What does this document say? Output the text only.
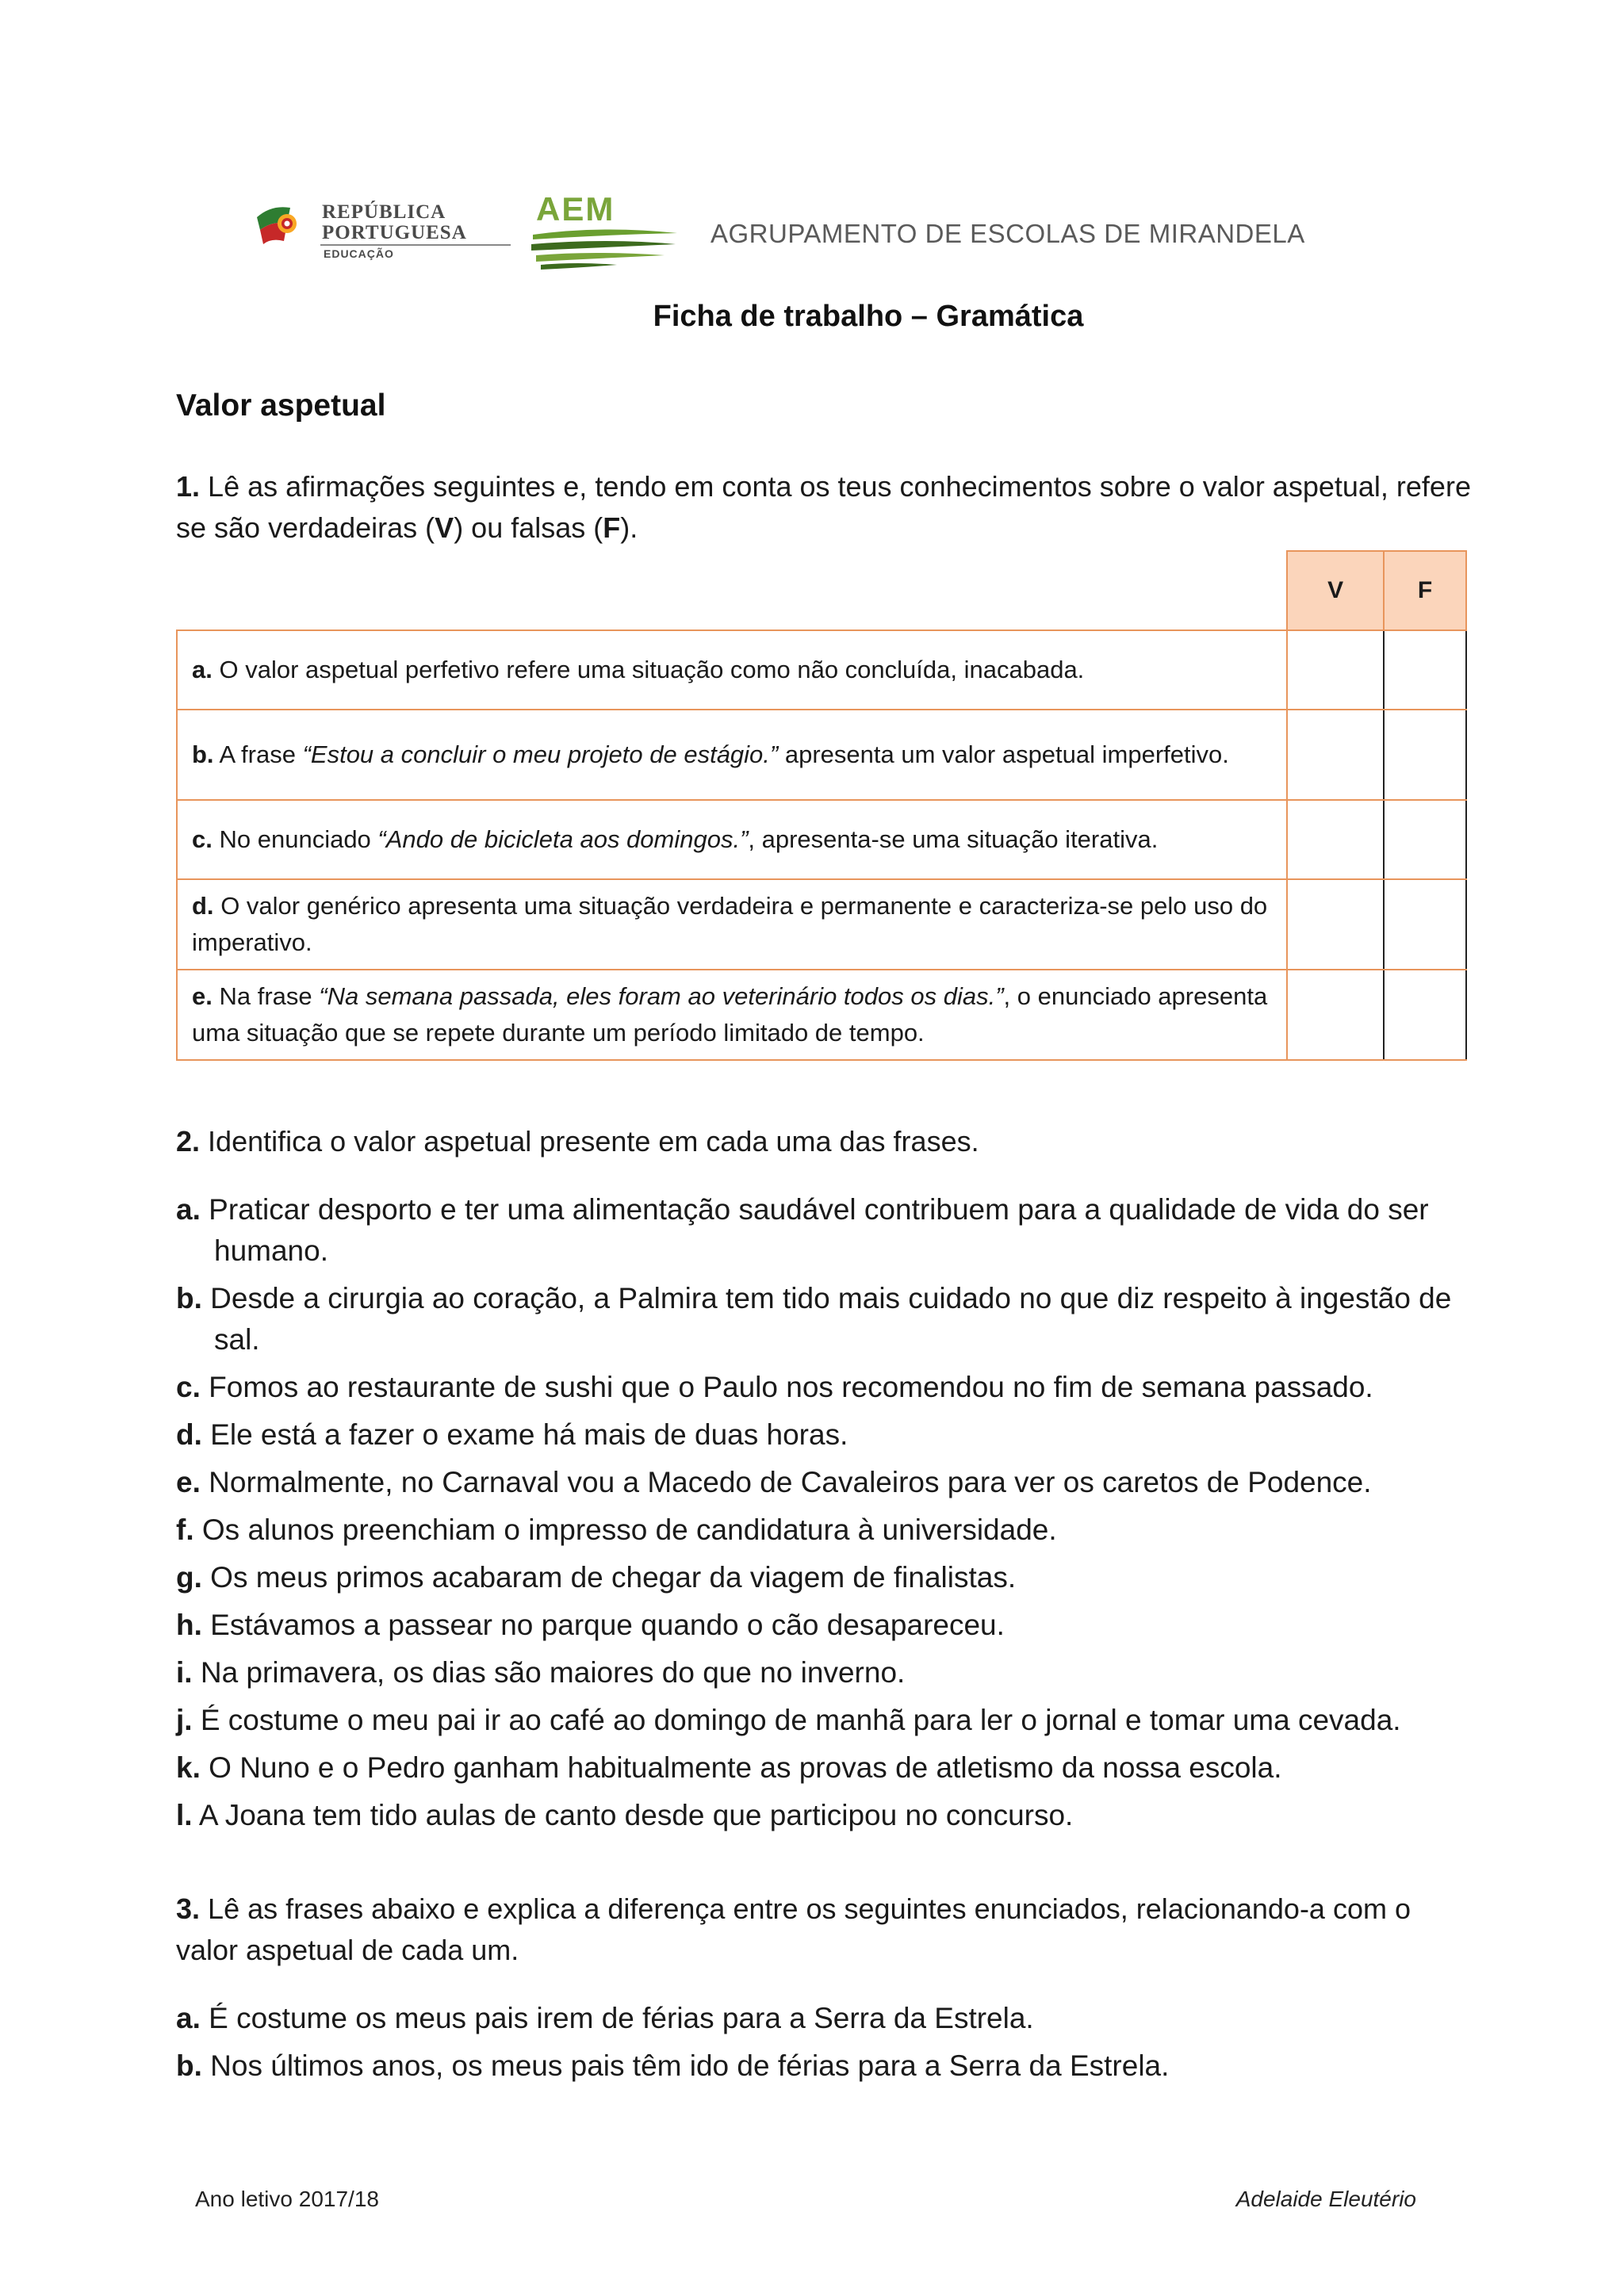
REPÚBLICA
PORTUGUESA
EDUCAÇÃO
AEM
AGRUPAMENTO DE ESCOLAS DE MIRANDELA
Ficha de trabalho – Gramática
Valor aspetual
1. Lê as afirmações seguintes e, tendo em conta os teus conhecimentos sobre o valor aspetual, refere se são verdadeiras (V) ou falsas (F).
	V	F
a. O valor aspetual perfetivo refere uma situação como não concluída, inacabada.		
b. A frase “Estou a concluir o meu projeto de estágio.” apresenta um valor aspetual imperfetivo.		
c. No enunciado “Ando de bicicleta aos domingos.”, apresenta-se uma situação iterativa.		
d. O valor genérico apresenta uma situação verdadeira e permanente e caracteriza-se pelo uso do imperativo.		
e. Na frase “Na semana passada, eles foram ao veterinário todos os dias.”, o enunciado apresenta uma situação que se repete durante um período limitado de tempo.		
2. Identifica o valor aspetual presente em cada uma das frases.
a. Praticar desporto e ter uma alimentação saudável contribuem para a qualidade de vida do ser humano.
b. Desde a cirurgia ao coração, a Palmira tem tido mais cuidado no que diz respeito à ingestão de sal.
c. Fomos ao restaurante de sushi que o Paulo nos recomendou no fim de semana passado.
d. Ele está a fazer o exame há mais de duas horas.
e. Normalmente, no Carnaval vou a Macedo de Cavaleiros para ver os caretos de Podence.
f. Os alunos preenchiam o impresso de candidatura à universidade.
g. Os meus primos acabaram de chegar da viagem de finalistas.
h. Estávamos a passear no parque quando o cão desapareceu.
i. Na primavera, os dias são maiores do que no inverno.
j. É costume o meu pai ir ao café ao domingo de manhã para ler o jornal e tomar uma cevada.
k. O Nuno e o Pedro ganham habitualmente as provas de atletismo da nossa escola.
l. A Joana tem tido aulas de canto desde que participou no concurso.
3. Lê as frases abaixo e explica a diferença entre os seguintes enunciados, relacionando-a com o valor aspetual de cada um.
a. É costume os meus pais irem de férias para a Serra da Estrela.
b. Nos últimos anos, os meus pais têm ido de férias para a Serra da Estrela.
Ano letivo 2017/18	Adelaide Eleutério
